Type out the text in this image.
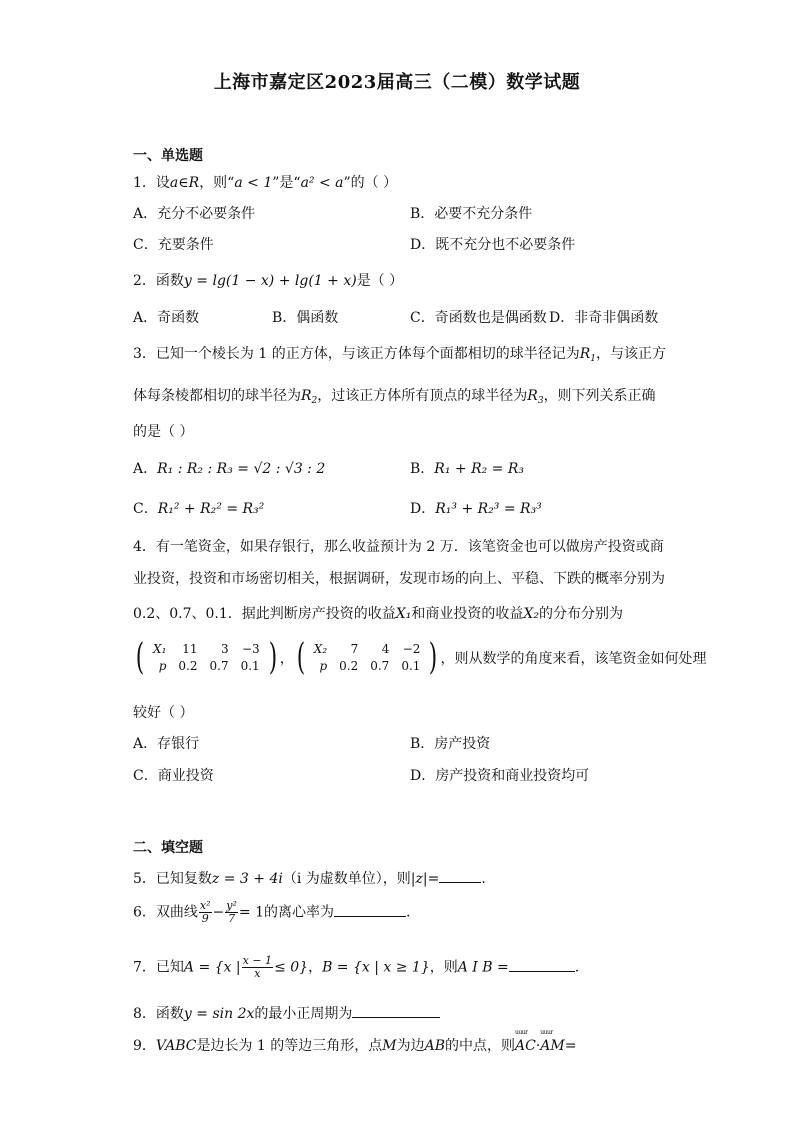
上海市嘉定区2023届高三（二模）数学试题
一、单选题
1．设a∈R，则“a < 1”是“a² < a”的（ ）
A．充分不必要条件	B．必要不充分条件
C．充要条件	D．既不充分也不必要条件
2．函数y = lg(1 − x) + lg(1 + x)是（ ）
A．奇函数	B．偶函数	C．奇函数也是偶函数 D．非奇非偶函数
3．已知一个棱长为 1 的正方体，与该正方体每个面都相切的球半径记为$R_1$，与该正方
体每条棱都相切的球半径为$R_2$，过该正方体所有顶点的球半径为$R_3$，则下列关系正确
的是（ ）
A．R₁ : R₂ : R₃ = √2 : √3 : 2	B．R₁ + R₂ = R₃
C．R₁² + R₂² = R₃²	D．R₁³ + R₂³ = R₃³
4．有一笔资金，如果存银行，那么收益预计为 2 万．该笔资金也可以做房产投资或商
业投资，投资和市场密切相关，根据调研，发现市场的向上、平稳、下跌的概率分别为
0.2、0.7、0.1．据此判断房产投资的收益X₁和商业投资的收益X₂的分布分别为
( X₁	11	3	−3
p	0.2	0.7	0.1 ) ，( X₂	7	4	−2
p	0.2	0.7	0.1 ) ，则从数学的角度来看，该笔资金如何处理
较好（ ）
A．存银行	B．房产投资
C．商业投资	D．房产投资和商业投资均可
二、填空题
5．已知复数z = 3 + 4i（i 为虚数单位），则|z|=	.
6．双曲线 $\frac{\text{x²}}{9} - \frac{\text{y²}}{7} = 1$的离心率为	.
7．已知A = {x | $\frac{x - 1}{x} \le 0$}，B = {x | x ≥ 1}，则A I B =	.
8．函数y = sin 2x的最小正周期为
9．VABC是边长为 1 的等边三角形，点M为边AB的中点，则uuur AC·uuur AM=
